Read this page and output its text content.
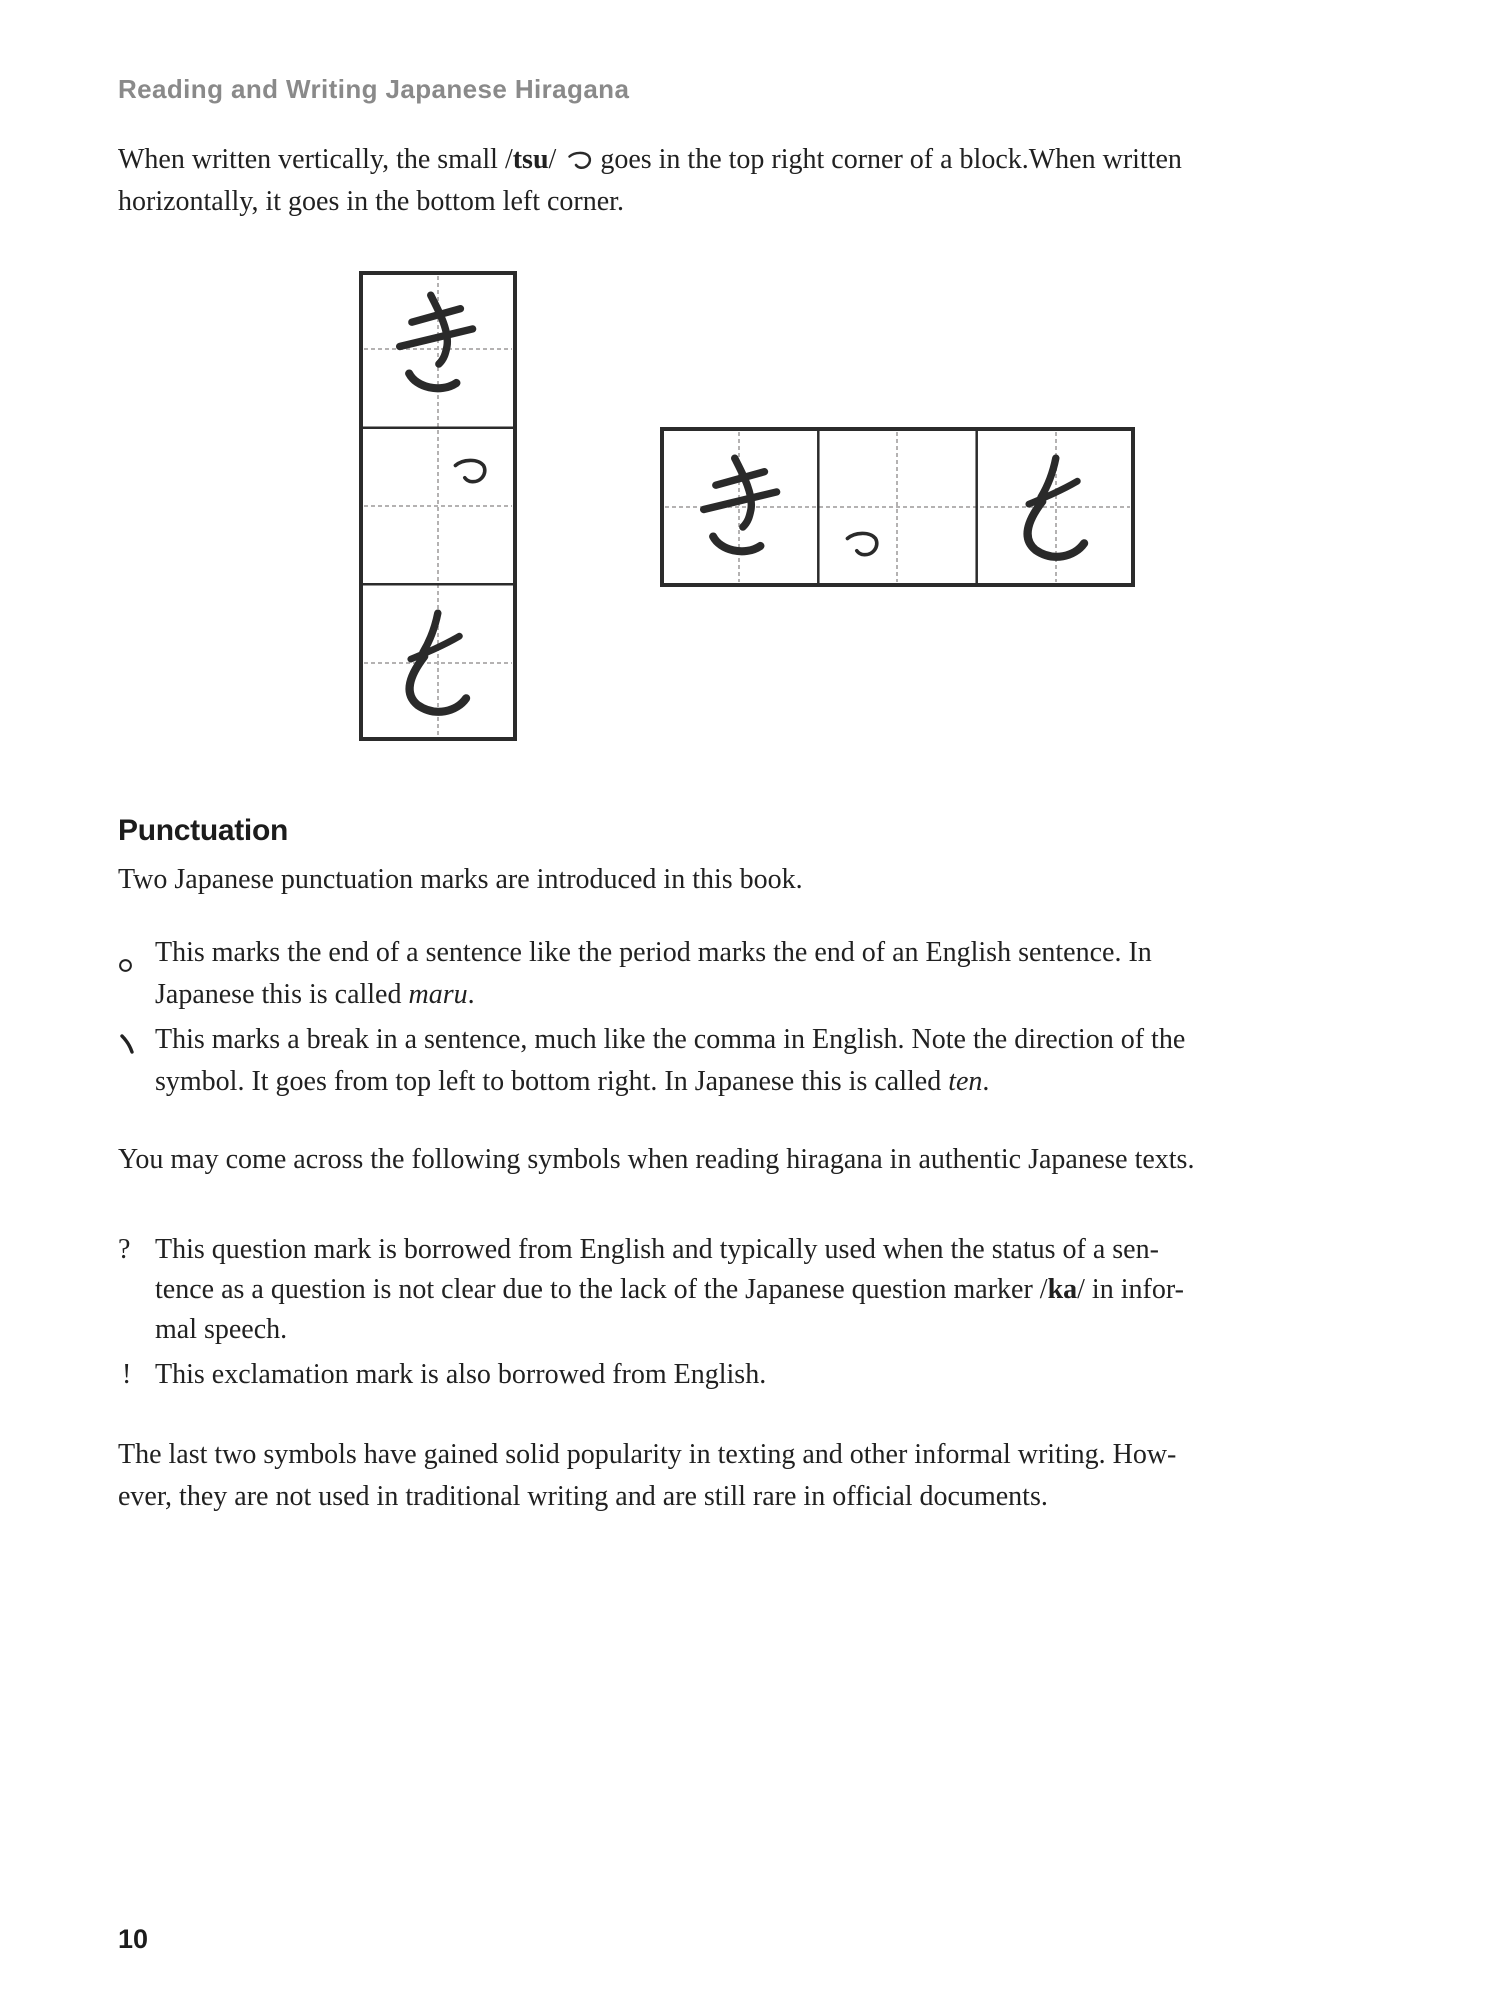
Reading and Writing Japanese Hiragana
When written vertically, the small /tsu/ goes in the top right corner of a block.When written
horizontally, it goes in the bottom left corner.
Punctuation
Two Japanese punctuation marks are introduced in this book.
This marks the end of a sentence like the period marks the end of an English sentence. In
Japanese this is called maru.
This marks a break in a sentence, much like the comma in English. Note the direction of the
symbol. It goes from top left to bottom right. In Japanese this is called ten.
You may come across the following symbols when reading hiragana in authentic Japanese texts.
? This question mark is borrowed from English and typically used when the status of a sen-
tence as a question is not clear due to the lack of the Japanese question marker /ka/ in infor-
mal speech.
! This exclamation mark is also borrowed from English.
The last two symbols have gained solid popularity in texting and other informal writing. How-
ever, they are not used in traditional writing and are still rare in official documents.
10
